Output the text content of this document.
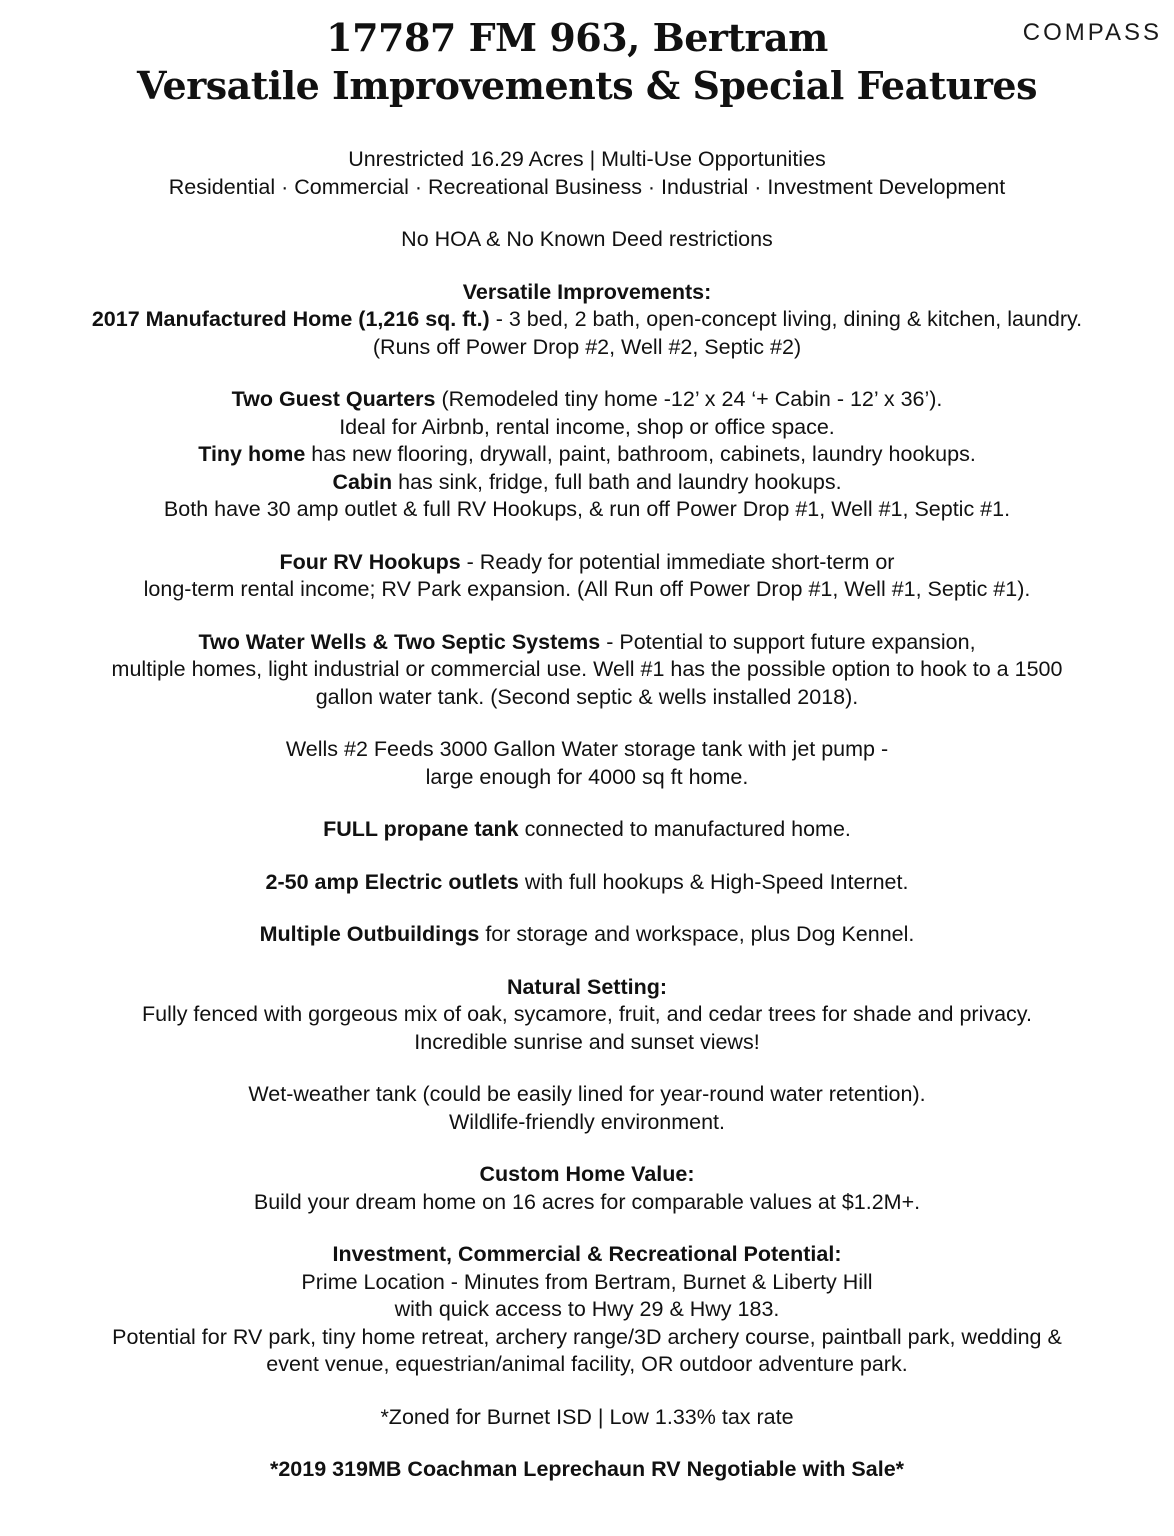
17787 FM 963, Bertram
Versatile Improvements & Special Features
COMPASS
Unrestricted 16.29 Acres | Multi-Use Opportunities
Residential · Commercial · Recreational Business · Industrial · Investment Development
No HOA & No Known Deed restrictions
Versatile Improvements:
2017 Manufactured Home (1,216 sq. ft.) - 3 bed, 2 bath, open-concept living, dining & kitchen, laundry.
(Runs off Power Drop #2, Well #2, Septic #2)
Two Guest Quarters (Remodeled tiny home -12’ x 24 ‘+ Cabin - 12’ x 36’).
Ideal for Airbnb, rental income, shop or office space.
Tiny home has new flooring, drywall, paint, bathroom, cabinets, laundry hookups.
Cabin has sink, fridge, full bath and laundry hookups.
Both have 30 amp outlet & full RV Hookups, & run off Power Drop #1, Well #1, Septic #1.
Four RV Hookups - Ready for potential immediate short-term or
long-term rental income; RV Park expansion. (All Run off Power Drop #1, Well #1, Septic #1).
Two Water Wells & Two Septic Systems - Potential to support future expansion,
multiple homes, light industrial or commercial use. Well #1 has the possible option to hook to a 1500
gallon water tank. (Second septic & wells installed 2018).
Wells #2 Feeds 3000 Gallon Water storage tank with jet pump -
large enough for 4000 sq ft home.
FULL propane tank connected to manufactured home.
2-50 amp Electric outlets with full hookups & High-Speed Internet.
Multiple Outbuildings for storage and workspace, plus Dog Kennel.
Natural Setting:
Fully fenced with gorgeous mix of oak, sycamore, fruit, and cedar trees for shade and privacy.
Incredible sunrise and sunset views!
Wet-weather tank (could be easily lined for year-round water retention).
Wildlife-friendly environment.
Custom Home Value:
Build your dream home on 16 acres for comparable values at $1.2M+.
Investment, Commercial & Recreational Potential:
Prime Location - Minutes from Bertram, Burnet & Liberty Hill
with quick access to Hwy 29 & Hwy 183.
Potential for RV park, tiny home retreat, archery range/3D archery course, paintball park, wedding &
event venue, equestrian/animal facility, OR outdoor adventure park.
*Zoned for Burnet ISD | Low 1.33% tax rate
*2019 319MB Coachman Leprechaun RV Negotiable with Sale*
